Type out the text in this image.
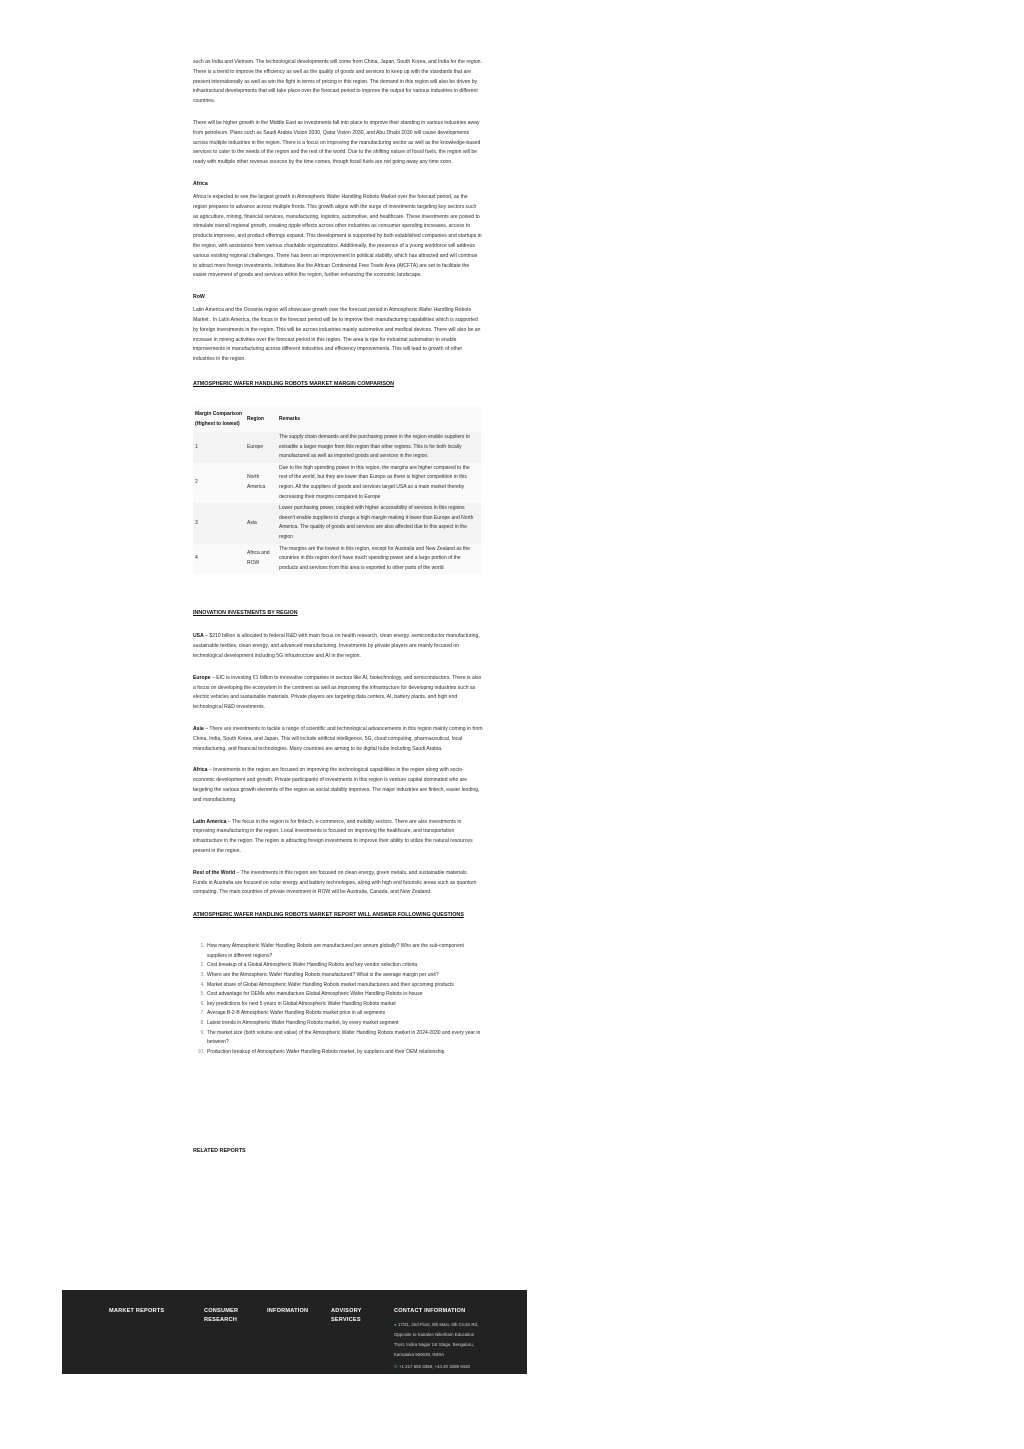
such as India and Vietnam. The technological developments will come from China, Japan, South Korea, and India for the region. There is a trend to improve the efficiency as well as the quality of goods and services to keep up with the standards that are present internationally as well as win the fight in terms of pricing in this region. The demand in this region will also be driven by infrastructural developments that will take place over the forecast period to improve the output for various industries in different countries.

There will be higher growth in the Middle East as investments fall into place to improve their standing in various industries away from petroleum. Plans such as Saudi Arabia Vision 2030, Qatar Vision 2030, and Abu Dhabi 2030 will cause developments across multiple industries in the region. There is a focus on improving the manufacturing sector as well as the knowledge-based services to cater to the needs of the region and the rest of the world. Due to the shifting nature of fossil fuels, the region will be ready with multiple other revenue sources by the time comes, though fossil fuels are not going away any time soon.

Africa

Africa is expected to see the largest growth in Atmospheric Wafer Handling Robots Market over the forecast period, as the region prepares to advance across multiple fronts. This growth aligns with the surge of investments targeting key sectors such as agriculture, mining, financial services, manufacturing, logistics, automotive, and healthcare. These investments are poised to stimulate overall regional growth, creating ripple effects across other industries as consumer spending increases, access to products improves, and product offerings expand. This development is supported by both established companies and startups in the region, with assistance from various charitable organizations. Additionally, the presence of a young workforce will address various existing regional challenges. There has been an improvement in political stability, which has attracted and will continue to attract more foreign investments. Initiatives like the African Continental Free Trade Area (AfCFTA) are set to facilitate the easier movement of goods and services within the region, further enhancing the economic landscape.

RoW

Latin America and the Oceania region will showcase growth over the forecast period in Atmospheric Wafer Handling Robots Market . In Latin America, the focus in the forecast period will be to improve their manufacturing capabilities which is supported by foreign investments in the region. This will be across industries mainly automotive and medical devices. There will also be an increase in mining activities over the forecast period in this region. The area is ripe for industrial automation to enable improvements in manufacturing across different industries and efficiency improvements. This will lead to growth of other industries in the region.

ATMOSPHERIC WAFER HANDLING ROBOTS MARKET MARGIN COMPARISON
Margin Comparison (Highest to lowest)	Region	Remarks
1	Europe	The supply chain demands and the purchasing power in the region enable suppliers to extradite a larger margin from this region than other regions. This is for both locally manufactured as well as imported goods and services in the region.
2	North America	Due to the high spending power in this region, the margins are higher compared to the rest of the world, but they are lower than Europe as there is higher competition in this region. All the suppliers of goods and services target USA as a main market thereby decreasing their margins compared to Europe
3	Asia	Lower purchasing power, coupled with higher accessibility of services in this regions doesn't enable suppliers to charge a high margin making it lower than Europe and North America. The quality of goods and services are also affected due to this aspect in the region
4	Africa and ROW	The margins are the lowest in this region, except for Australia and New Zealand as the countries in this region don't have much spending power and a large portion of the products and services from this area is exported to other parts of the world
INNOVATION INVESTMENTS BY REGION

USA – $210 billion is allocated to federal R&D with main focus on health research, clean energy, semiconductor manufacturing, sustainable textiles, clean energy, and advanced manufacturing. Investments by private players are mainly focused on technological development including 5G infrastructure and AI in the region.

Europe – EIC is investing €1 billion to innovative companies in sectors like AI, biotechnology, and semiconductors. There is also a focus on developing the ecosystem in the continent as well as improving the infrastructure for developing industries such as electric vehicles and sustainable materials. Private players are targeting data centers, AI, battery plants, and high end technological R&D investments.

Asia – There are investments to tackle a range of scientific and technological advancements in this region mainly coming in from China, India, South Korea, and Japan. This will include artificial intelligence, 5G, cloud computing, pharmaceutical, local manufacturing, and financial technologies. Many countries are aiming to be digital hubs including Saudi Arabia.

Africa – Investments in the region are focused on improving the technological capabilities in the region along with socio-economic development and growth. Private participants of investments in this region is venture capital dominated who are targeting the various growth elements of the region as social stability improves. The major industries are fintech, easier lending, and manufacturing.

Latin America – The focus in the region is for fintech, e-commerce, and mobility sectors. There are also investments in improving manufacturing in the region. Local investments is focused on improving the healthcare, and transportation infrastructure in the region. The region is attracting foreign investments to improve their ability to utilize the natural resources present in the region.

Rest of the World – The investments in this region are focused on clean energy, green metals, and sustainable materials. Funds in Australia are focused on solar energy and battery technologies, along with high end futuristic areas such as quantum computing. The main countries of private investment in ROW will be Australia, Canada, and New Zealand.

ATMOSPHERIC WAFER HANDLING ROBOTS MARKET REPORT WILL ANSWER FOLLOWING QUESTIONS
1. How many Atmospheric Wafer Handling Robots are manufactured per annum globally? Who are the sub-component suppliers in different regions?
2. Cost breakup of a Global Atmospheric Wafer Handling Robots and key vendor selection criteria
3. Where are the Atmospheric Wafer Handling Robots manufactured? What is the average margin per unit?
4. Market share of Global Atmospheric Wafer Handling Robots market manufacturers and their upcoming products
5. Cost advantage for OEMs who manufacture Global Atmospheric Wafer Handling Robots in-house
6. key predictions for next 5 years in Global Atmospheric Wafer Handling Robots market
7. Average B-2-B Atmospheric Wafer Handling Robots market price in all segments
8. Latest trends in Atmospheric Wafer Handling Robots market, by every market segment
9. The market size (both volume and value) of the Atmospheric Wafer Handling Robots market in 2024-2030 and every year in between?
10. Production breakup of Atmospheric Wafer Handling Robots market, by suppliers and their OEM relationship
RELATED REPORTS
MARKET REPORTS	CONSUMER RESEARCH
INFORMATION	ADVISORY SERVICES
CONTACT INFORMATION
● 17/21, 2nd Floor, 8th Main, 6th Cross Rd, Opposite to Kairalee Niketham Education Trust, Indira Nagar 1st Stage, Bengaluru, Karnataka 560038, INDIA
✆ +1 217 650 3358, +44 20 3289 9440
